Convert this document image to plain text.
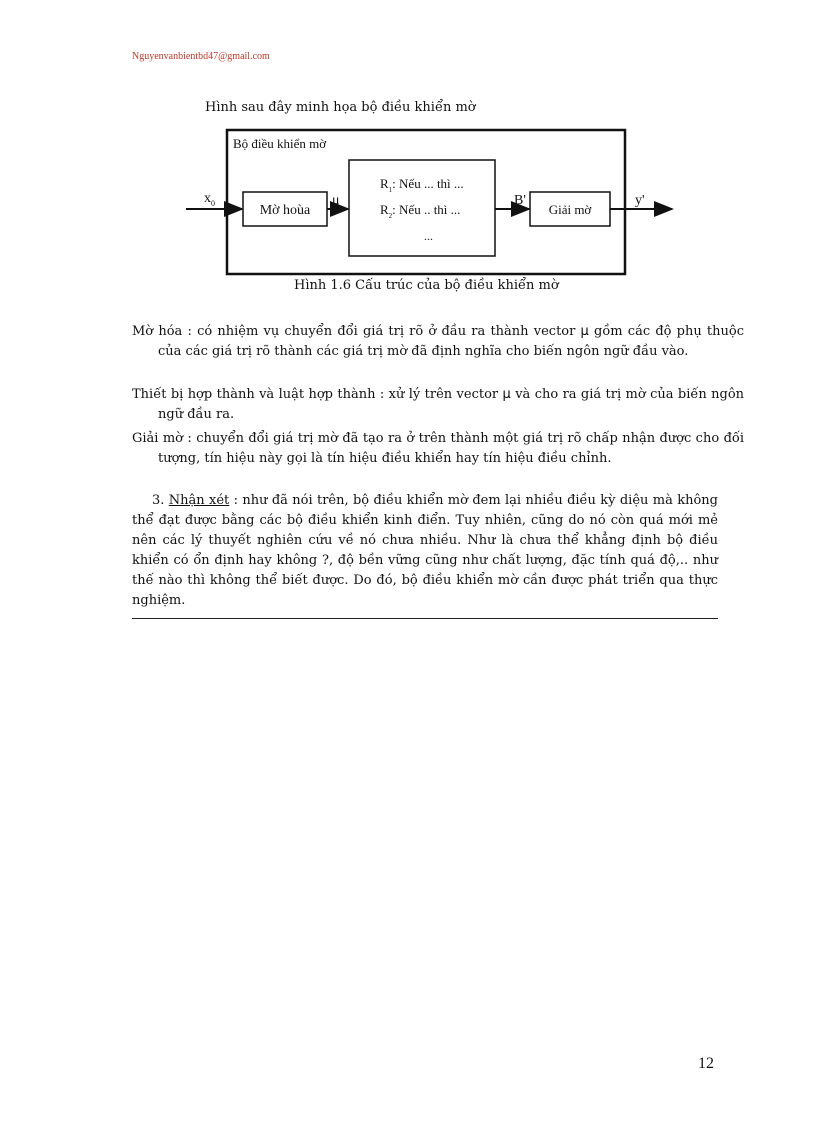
Nguyenvanbientbd47@gmail.com
Hình sau đây minh họa bộ điều khiển mờ
Bộ điều khiển mờ
$x_0$	Mờ hoùa
μ
$R_1$: Nếu ... thì ...
$R_2$: Nếu .. thì ...
...
B'
Giải mờ
y'
Hình 1.6 Cấu trúc của bộ điều khiển mờ
Mờ hóa : có nhiệm vụ chuyển đổi giá trị rõ ở đầu ra thành vector μ gồm các độ phụ thuộc của các giá trị rõ thành các giá trị mờ đã định nghĩa cho biến ngôn ngữ đầu vào.
Thiết bị hợp thành và luật hợp thành : xử lý trên vector μ và cho ra giá trị mờ của biến ngôn ngữ đầu ra.
Giải mờ : chuyển đổi giá trị mờ đã tạo ra ở trên thành một giá trị rõ chấp nhận được cho đối tượng, tín hiệu này gọi là tín hiệu điều khiển hay tín hiệu điều chỉnh.
3. Nhận xét : như đã nói trên, bộ điều khiển mờ đem lại nhiều điều kỳ diệu mà không thể đạt được bằng các bộ điều khiển kinh điển. Tuy nhiên, cũng do nó còn quá mới mẻ nên các lý thuyết nghiên cứu về nó chưa nhiều. Như là chưa thể khẳng định bộ điều khiển có ổn định hay không ?, độ bền vững cũng như chất lượng, đặc tính quá độ,.. như thế nào thì không thể biết được. Do đó, bộ điều khiển mờ cần được phát triển qua thực nghiệm.
12
